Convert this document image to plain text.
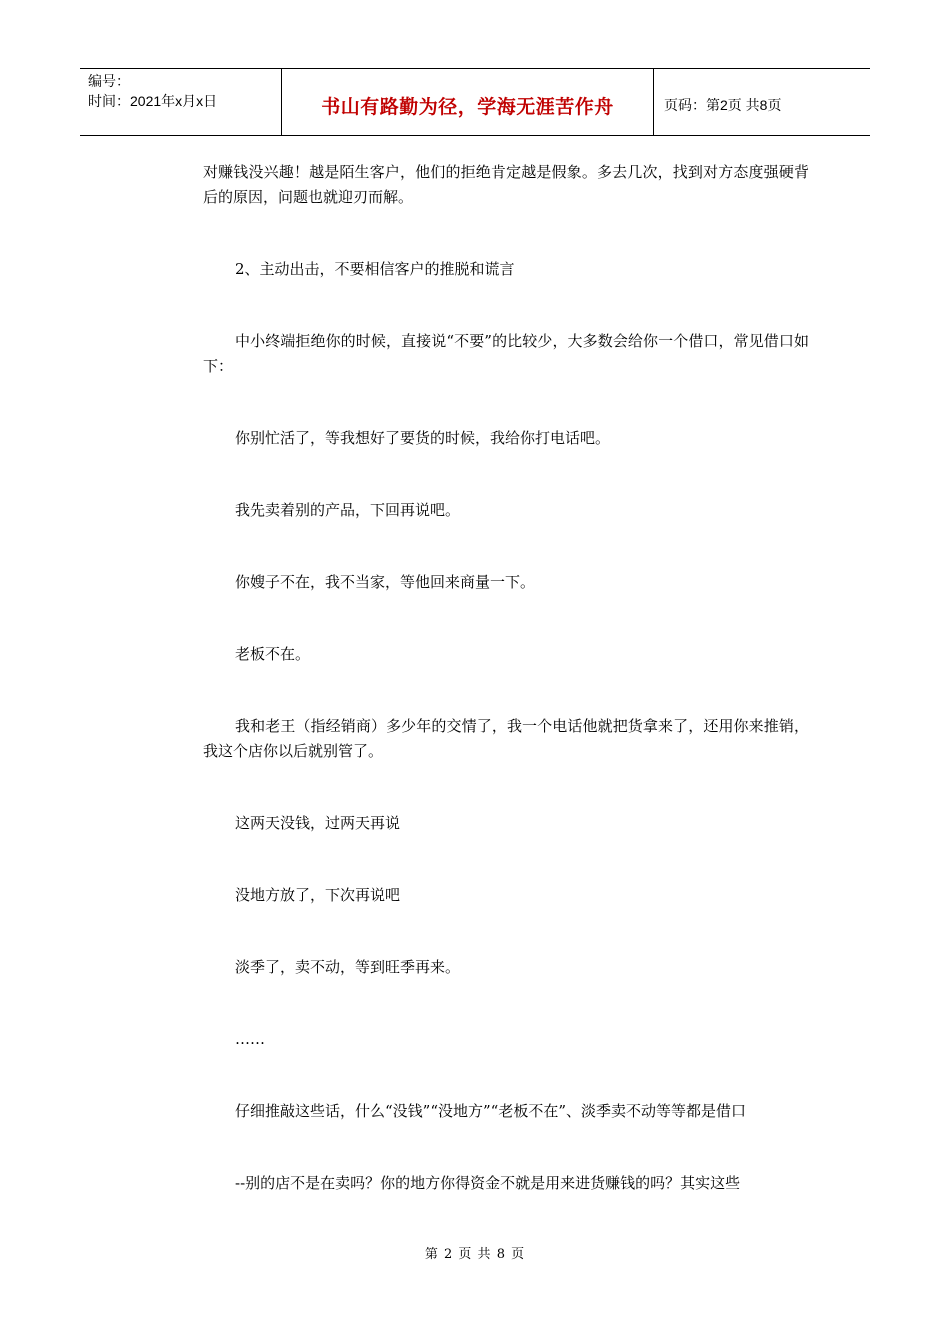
编号：
时间：2021年x月x日	书山有路勤为径，学海无涯苦作舟	页码：第2页 共8页

对赚钱没兴趣！越是陌生客户，他们的拒绝肯定越是假象。多去几次，找到对方态度强硬背后的原因，问题也就迎刃而解。

2、主动出击，不要相信客户的推脱和谎言

中小终端拒绝你的时候，直接说“不要”的比较少，大多数会给你一个借口，常见借口如下：

你别忙活了，等我想好了要货的时候，我给你打电话吧。

我先卖着别的产品，下回再说吧。

你嫂子不在，我不当家，等他回来商量一下。

老板不在。

我和老王（指经销商）多少年的交情了，我一个电话他就把货拿来了，还用你来推销，我这个店你以后就别管了。

这两天没钱，过两天再说

没地方放了，下次再说吧

淡季了，卖不动，等到旺季再来。

……

仔细推敲这些话，什么“没钱”“没地方”“老板不在”、淡季卖不动等等都是借口

--别的店不是在卖吗？你的地方你得资金不就是用来进货赚钱的吗？其实这些

第 2 页 共 8 页
